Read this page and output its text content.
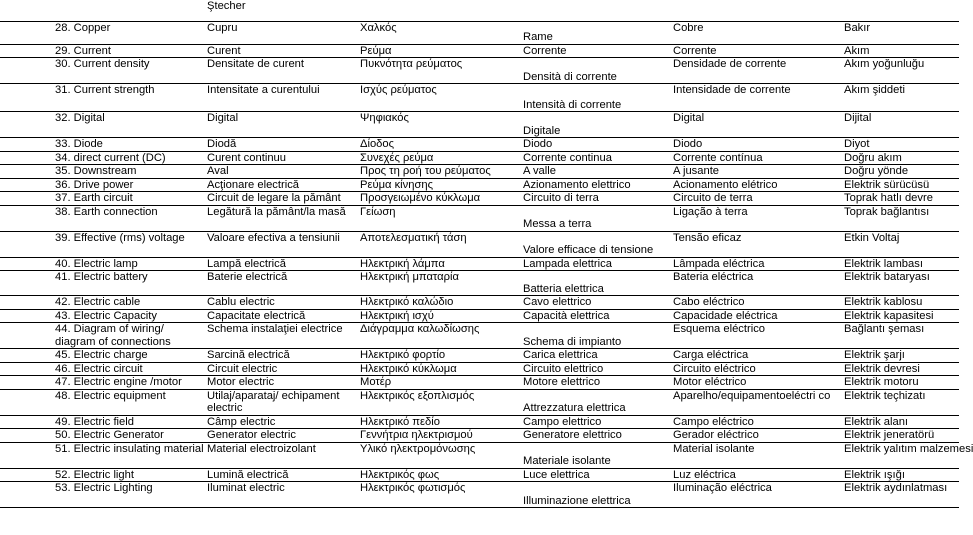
	Ştecher				
28. Copper	Cupru	Χαλκός	Rame	Cobre	Bakır
29. Current	Curent	Ρεύμα	Corrente	Corrente	Akım
30. Current density	Densitate de curent	Πυκνότητα ρεύματος	Densità di corrente	Densidade de corrente	Akım yoğunluğu
31. Current strength	Intensitate a curentului	Ισχύς ρεύματος	Intensità di corrente	Intensidade de corrente	Akım şiddeti
32. Digital	Digital	Ψηφιακός	Digitale	Digital	Dijital
33. Diode	Diodă	Δίοδος	Diodo	Diodo	Diyot
34. direct current (DC)	Curent continuu	Συνεχές ρεύμα	Corrente continua	Corrente contínua	Doğru akım
35. Downstream	Aval	Προς τη ροή του ρεύματος	A valle	A jusante	Doğru yönde
36. Drive power	Acţionare electrică	Ρεύμα κίνησης	Azionamento elettrico	Acionamento elétrico	Elektrik sürücüsü
37. Earth circuit	Circuit de legare la pământ	Προσγειωμένο κύκλωμα	Circuito di terra	Circuito de terra	Toprak hatlı devre
38. Earth connection	Legătură la pământ/la masă	Γείωση	Messa a terra	Ligação à terra	Toprak bağlantısı
39. Effective (rms) voltage	Valoare efectiva a tensiunii	Αποτελεσματική τάση	Valore efficace di tensione	Tensão eficaz	Etkin Voltaj
40. Electric lamp	Lampă electrică	Ηλεκτρική λάμπα	Lampada elettrica	Lâmpada eléctrica	Elektrik lambası
41. Electric battery	Baterie electrică	Ηλεκτρική μπαταρία	Batteria elettrica	Bateria eléctrica	Elektrik bataryası
42. Electric cable	Cablu electric	Ηλεκτρικό καλώδιο	Cavo elettrico	Cabo eléctrico	Elektrik kablosu
43. Electric Capacity	Capacitate electrică	Ηλεκτρική ισχύ	Capacità elettrica	Capacidade eléctrica	Elektrik kapasitesi
44. Diagram of wiring/ diagram of connections	Schema instalaţiei electrice	Διάγραμμα καλωδίωσης	Schema di impianto	Esquema eléctrico	Bağlantı şeması
45. Electric charge	Sarcină electrică	Ηλεκτρικό φορτίο	Carica elettrica	Carga eléctrica	Elektrik şarjı
46. Electric circuit	Circuit electric	Ηλεκτρικό κύκλωμα	Circuito elettrico	Circuito eléctrico	Elektrik devresi
47. Electric engine /motor	Motor electric	Μοτέρ	Motore elettrico	Motor eléctrico	Elektrik motoru
48. Electric equipment	Utilaj/aparataj/ echipament electric	Ηλεκτρικός εξοπλισμός	Attrezzatura elettrica	Aparelho/equipamentoeléctri co	Elektrik teçhizatı
49. Electric field	Câmp electric	Ηλεκτρικό πεδίο	Campo elettrico	Campo eléctrico	Elektrik alanı
50. Electric Generator	Generator electric	Γεννήτρια ηλεκτρισμού	Generatore elettrico	Gerador eléctrico	Elektrik jeneratörü
51. Electric insulating material	Material electroizolant	Υλικό ηλεκτρομόνωσης	Materiale isolante	Material isolante	Elektrik yalıtım malzemesi
52. Electric light	Lumină electrică	Ηλεκτρικός φως	Luce elettrica	Luz eléctrica	Elektrik ışığı
53. Electric Lighting	Iluminat electric	Ηλεκτρικός φωτισμός	Illuminazione elettrica	Iluminação eléctrica	Elektrik aydınlatması
